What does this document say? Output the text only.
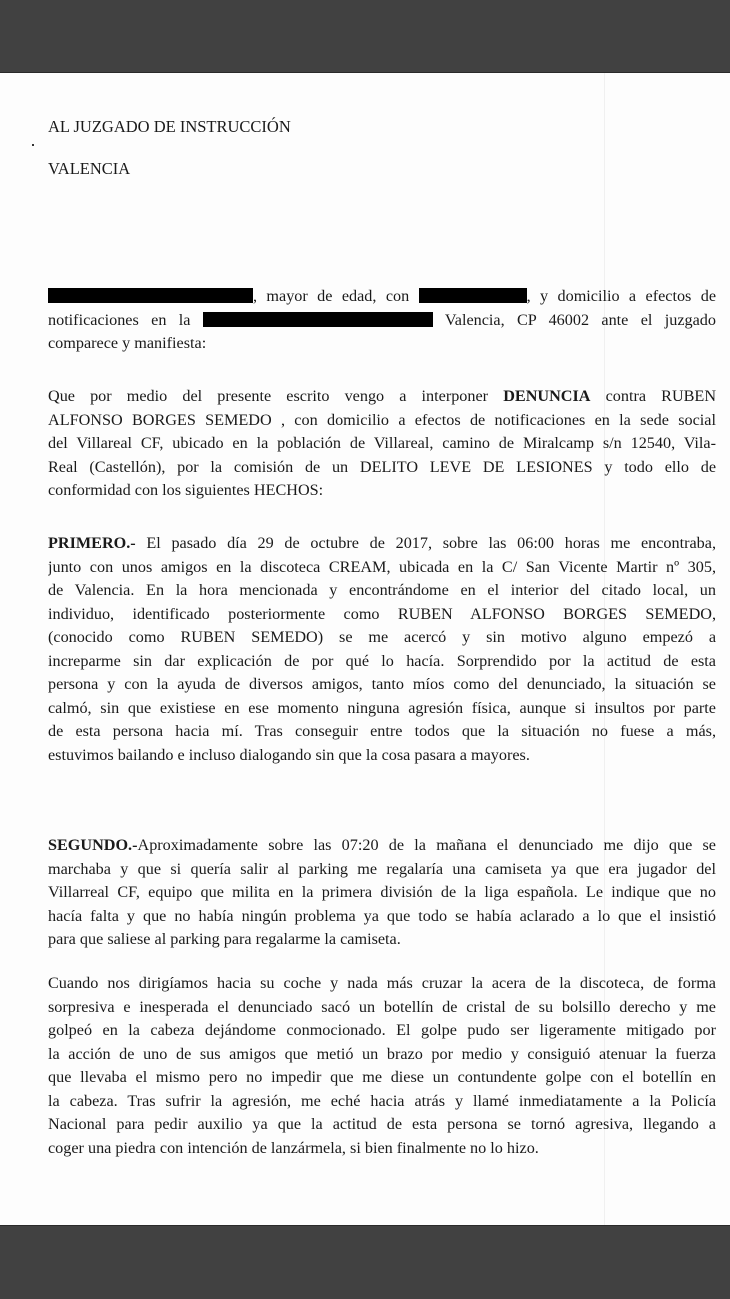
AL JUZGADO DE INSTRUCCIÓN
VALENCIA
, mayor de edad, con	, y domicilio a efectos de
notificaciones en la	Valencia, CP 46002 ante el juzgado
comparece y manifiesta:
Que por medio del presente escrito vengo a interponer DENUNCIA contra RUBEN
ALFONSO BORGES SEMEDO , con domicilio a efectos de notificaciones en la sede social
del Villareal CF, ubicado en la población de Villareal, camino de Miralcamp s/n 12540, Vila-
Real (Castellón), por la comisión de un DELITO LEVE DE LESIONES y todo ello de
conformidad con los siguientes HECHOS:
PRIMERO.- El pasado día 29 de octubre de 2017, sobre las 06:00 horas me encontraba,
junto con unos amigos en la discoteca CREAM, ubicada en la C/ San Vicente Martir nº 305,
de Valencia. En la hora mencionada y encontrándome en el interior del citado local, un
individuo, identificado posteriormente como RUBEN ALFONSO BORGES SEMEDO,
(conocido como RUBEN SEMEDO) se me acercó y sin motivo alguno empezó a
increparme sin dar explicación de por qué lo hacía. Sorprendido por la actitud de esta
persona y con la ayuda de diversos amigos, tanto míos como del denunciado, la situación se
calmó, sin que existiese en ese momento ninguna agresión física, aunque si insultos por parte
de esta persona hacia mí. Tras conseguir entre todos que la situación no fuese a más,
estuvimos bailando e incluso dialogando sin que la cosa pasara a mayores.
SEGUNDO.-Aproximadamente sobre las 07:20 de la mañana el denunciado me dijo que se
marchaba y que si quería salir al parking me regalaría una camiseta ya que era jugador del
Villarreal CF, equipo que milita en la primera división de la liga española. Le indique que no
hacía falta y que no había ningún problema ya que todo se había aclarado a lo que el insistió
para que saliese al parking para regalarme la camiseta.
Cuando nos dirigíamos hacia su coche y nada más cruzar la acera de la discoteca, de forma
sorpresiva e inesperada el denunciado sacó un botellín de cristal de su bolsillo derecho y me
golpeó en la cabeza dejándome conmocionado. El golpe pudo ser ligeramente mitigado por
la acción de uno de sus amigos que metió un brazo por medio y consiguió atenuar la fuerza
que llevaba el mismo pero no impedir que me diese un contundente golpe con el botellín en
la cabeza. Tras sufrir la agresión, me eché hacia atrás y llamé inmediatamente a la Policía
Nacional para pedir auxilio ya que la actitud de esta persona se tornó agresiva, llegando a
coger una piedra con intención de lanzármela, si bien finalmente no lo hizo.
